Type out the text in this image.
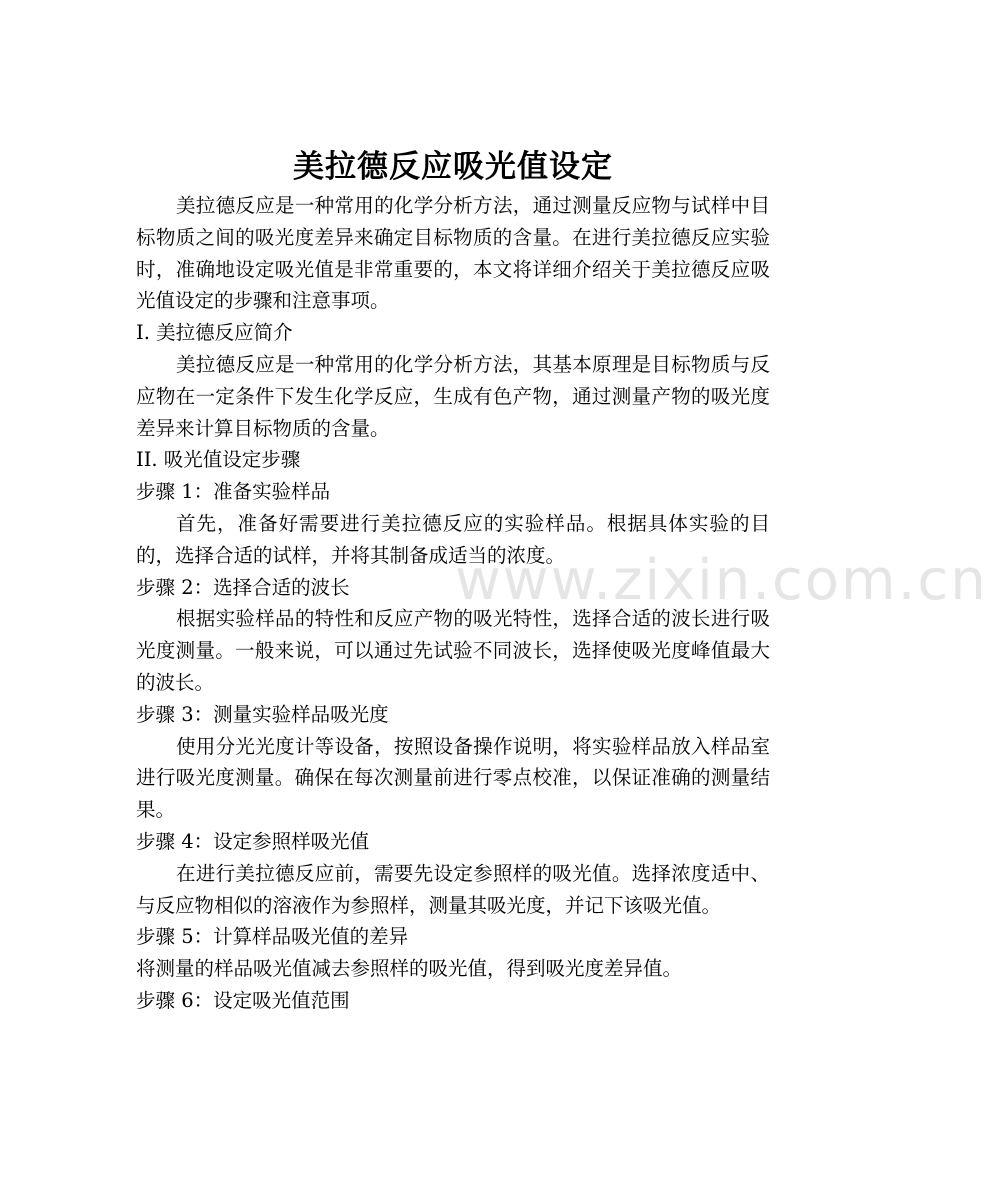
美拉德反应吸光值设定

美拉德反应是一种常用的化学分析方法，通过测量反应物与试样中目标物质之间的吸光度差异来确定目标物质的含量。在进行美拉德反应实验时，准确地设定吸光值是非常重要的，本文将详细介绍关于美拉德反应吸光值设定的步骤和注意事项。

I. 美拉德反应简介

美拉德反应是一种常用的化学分析方法，其基本原理是目标物质与反应物在一定条件下发生化学反应，生成有色产物，通过测量产物的吸光度差异来计算目标物质的含量。

II. 吸光值设定步骤

步骤 1：准备实验样品

首先，准备好需要进行美拉德反应的实验样品。根据具体实验的目的，选择合适的试样，并将其制备成适当的浓度。

步骤 2：选择合适的波长

根据实验样品的特性和反应产物的吸光特性，选择合适的波长进行吸光度测量。一般来说，可以通过先试验不同波长，选择使吸光度峰值最大的波长。

步骤 3：测量实验样品吸光度

使用分光光度计等设备，按照设备操作说明，将实验样品放入样品室进行吸光度测量。确保在每次测量前进行零点校准，以保证准确的测量结果。

步骤 4：设定参照样吸光值

在进行美拉德反应前，需要先设定参照样的吸光值。选择浓度适中、与反应物相似的溶液作为参照样，测量其吸光度，并记下该吸光值。

步骤 5：计算样品吸光值的差异

将测量的样品吸光值减去参照样的吸光值，得到吸光度差异值。

步骤 6：设定吸光值范围

www.zixin.com.cn
